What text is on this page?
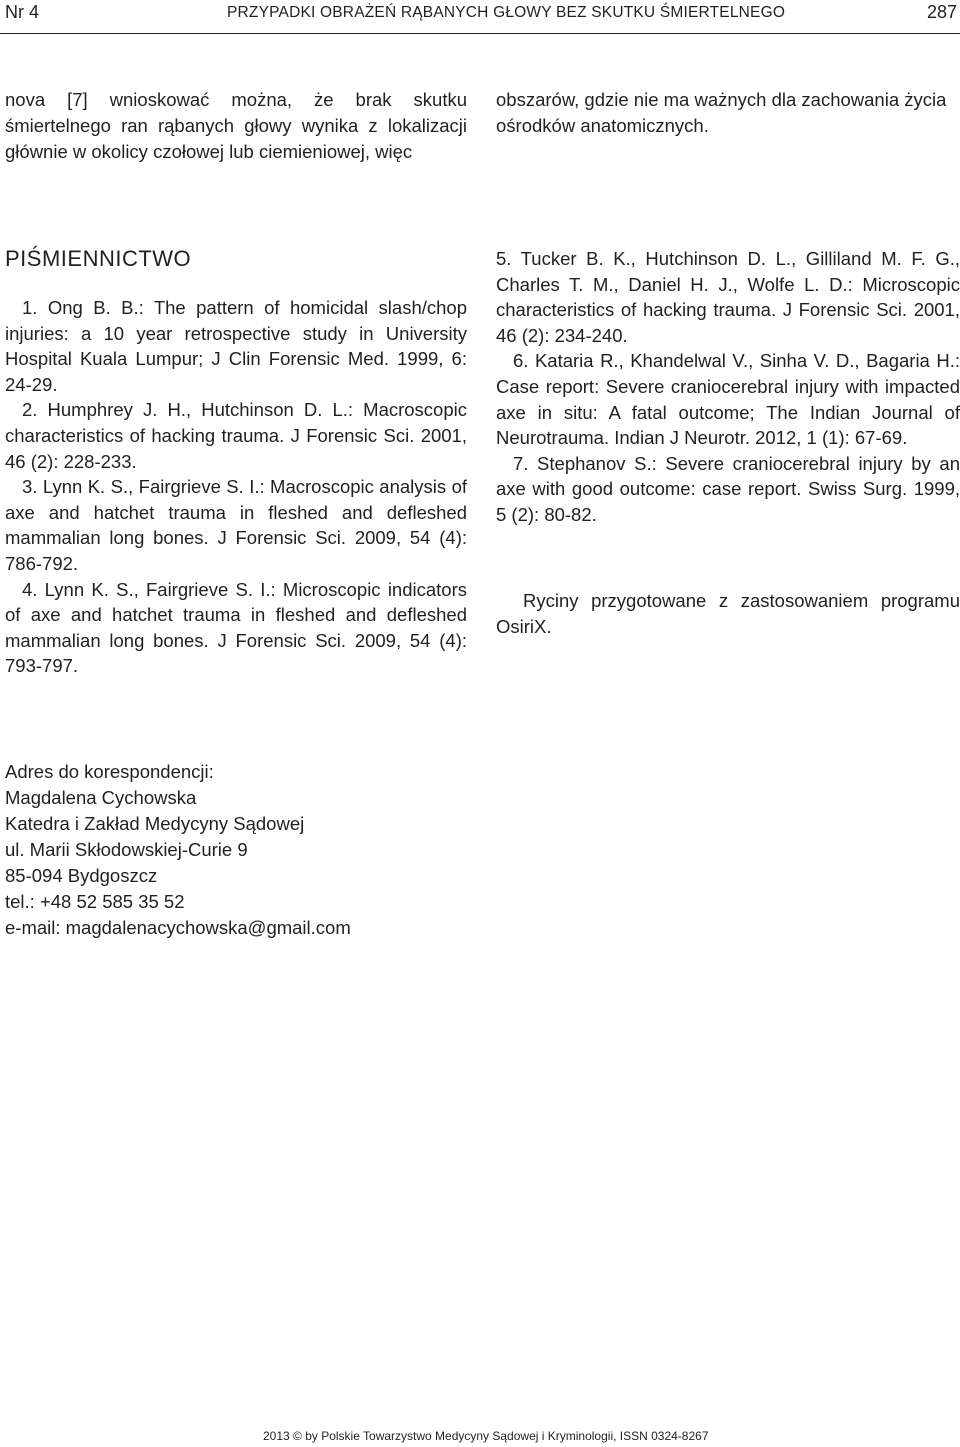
Nr 4	PRZYPADKI OBRAŻEŃ RĄBANYCH GŁOWY BEZ SKUTKU ŚMIERTELNEGO	287

nova [7] wnioskować można, że brak skutku śmiertelnego ran rąbanych głowy wynika z lokalizacji głównie w okolicy czołowej lub ciemieniowej, więc

obszarów, gdzie nie ma ważnych dla zachowania życia ośrodków anatomicznych.

PIŚMIENNICTWO

1. Ong B. B.: The pattern of homicidal slash/chop injuries: a 10 year retrospective study in University Hospital Kuala Lumpur; J Clin Forensic Med. 1999, 6: 24-29.

2. Humphrey J. H., Hutchinson D. L.: Macroscopic characteristics of hacking trauma. J Forensic Sci. 2001, 46 (2): 228-233.

3. Lynn K. S., Fairgrieve S. I.: Macroscopic analysis of axe and hatchet trauma in fleshed and defleshed mammalian long bones. J Forensic Sci. 2009, 54 (4): 786-792.

4. Lynn K. S., Fairgrieve S. I.: Microscopic indicators of axe and hatchet trauma in fleshed and defleshed mammalian long bones. J Forensic Sci. 2009, 54 (4): 793-797.

5. Tucker B. K., Hutchinson D. L., Gilliland M. F. G., Charles T. M., Daniel H. J., Wolfe L. D.: Microscopic characteristics of hacking trauma. J Forensic Sci. 2001, 46 (2): 234-240.

6. Kataria R., Khandelwal V., Sinha V. D., Bagaria H.: Case report: Severe craniocerebral injury with impacted axe in situ: A fatal outcome; The Indian Journal of Neurotrauma. Indian J Neurotr. 2012, 1 (1): 67-69.

7. Stephanov S.: Severe craniocerebral injury by an axe with good outcome: case report. Swiss Surg. 1999, 5 (2): 80-82.

Ryciny przygotowane z zastosowaniem programu OsiriX.

Adres do korespondencji:

Magdalena Cychowska

Katedra i Zakład Medycyny Sądowej

ul. Marii Skłodowskiej-Curie 9

85-094 Bydgoszcz

tel.: +48 52 585 35 52

e-mail: magdalenacychowska@gmail.com

2013 © by Polskie Towarzystwo Medycyny Sądowej i Kryminologii, ISSN 0324-8267
